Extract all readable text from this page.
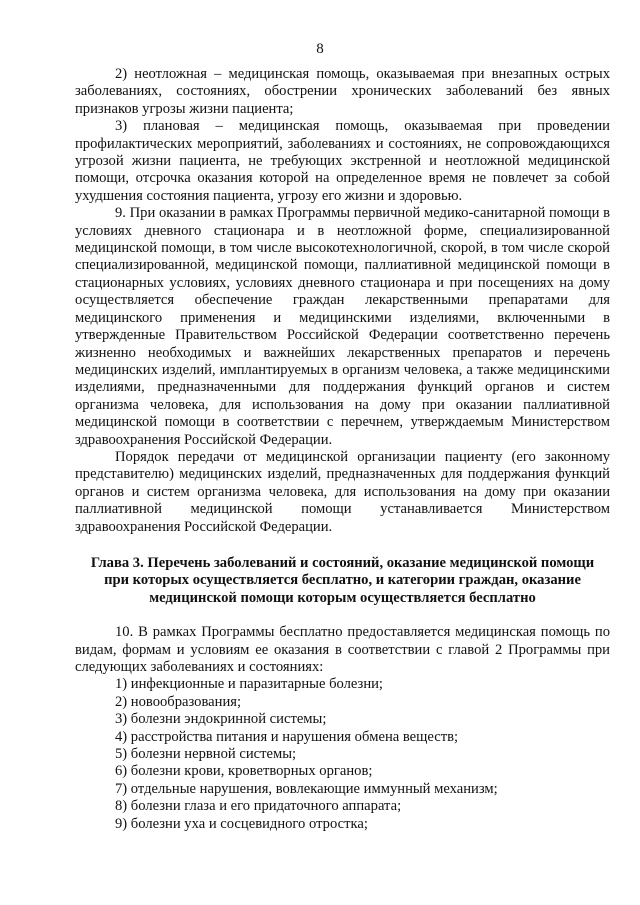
8

2) неотложная – медицинская помощь, оказываемая при внезапных острых заболеваниях, состояниях, обострении хронических заболеваний без явных признаков угрозы жизни пациента;

3) плановая – медицинская помощь, оказываемая при проведении профилактических мероприятий, заболеваниях и состояниях, не сопровождающихся угрозой жизни пациента, не требующих экстренной и неотложной медицинской помощи, отсрочка оказания которой на определенное время не повлечет за собой ухудшения состояния пациента, угрозу его жизни и здоровью.

9. При оказании в рамках Программы первичной медико-санитарной помощи в условиях дневного стационара и в неотложной форме, специализированной медицинской помощи, в том числе высокотехнологичной, скорой, в том числе скорой специализированной, медицинской помощи, паллиативной медицинской помощи в стационарных условиях, условиях дневного стационара и при посещениях на дому осуществляется обеспечение граждан лекарственными препаратами для медицинского применения и медицинскими изделиями, включенными в утвержденные Правительством Российской Федерации соответственно перечень жизненно необходимых и важнейших лекарственных препаратов и перечень медицинских изделий, имплантируемых в организм человека, а также медицинскими изделиями, предназначенными для поддержания функций органов и систем организма человека, для использования на дому при оказании паллиативной медицинской помощи в соответствии с перечнем, утверждаемым Министерством здравоохранения Российской Федерации.

Порядок передачи от медицинской организации пациенту (его законному представителю) медицинских изделий, предназначенных для поддержания функций органов и систем организма человека, для использования на дому при оказании паллиативной медицинской помощи устанавливается Министерством здравоохранения Российской Федерации.

Глава 3. Перечень заболеваний и состояний, оказание медицинской помощи при которых осуществляется бесплатно, и категории граждан, оказание медицинской помощи которым осуществляется бесплатно

10. В рамках Программы бесплатно предоставляется медицинская помощь по видам, формам и условиям ее оказания в соответствии с главой 2 Программы при следующих заболеваниях и состояниях:

1) инфекционные и паразитарные болезни;
2) новообразования;
3) болезни эндокринной системы;
4) расстройства питания и нарушения обмена веществ;
5) болезни нервной системы;
6) болезни крови, кроветворных органов;
7) отдельные нарушения, вовлекающие иммунный механизм;
8) болезни глаза и его придаточного аппарата;
9) болезни уха и сосцевидного отростка;
